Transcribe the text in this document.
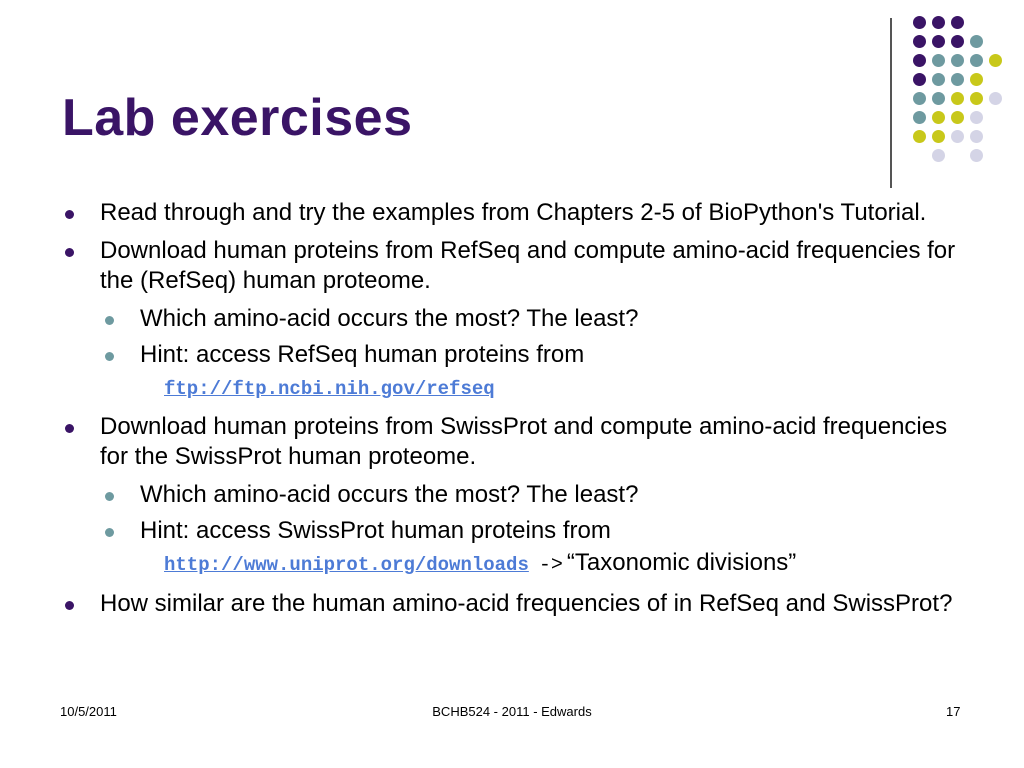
Lab exercises
Read through and try the examples from Chapters 2-5 of BioPython's Tutorial.
Download human proteins from RefSeq and compute amino-acid frequencies for the (RefSeq) human proteome.
Which amino-acid occurs the most? The least?
Hint: access RefSeq human proteins from
ftp://ftp.ncbi.nih.gov/refseq
Download human proteins from SwissProt and compute amino-acid frequencies for the SwissProt human proteome.
Which amino-acid occurs the most? The least?
Hint: access SwissProt human proteins from
http://www.uniprot.org/downloads -> “Taxonomic divisions”
How similar are the human amino-acid frequencies of in RefSeq and SwissProt?
10/5/2011	BCHB524 - 2011 - Edwards	17
